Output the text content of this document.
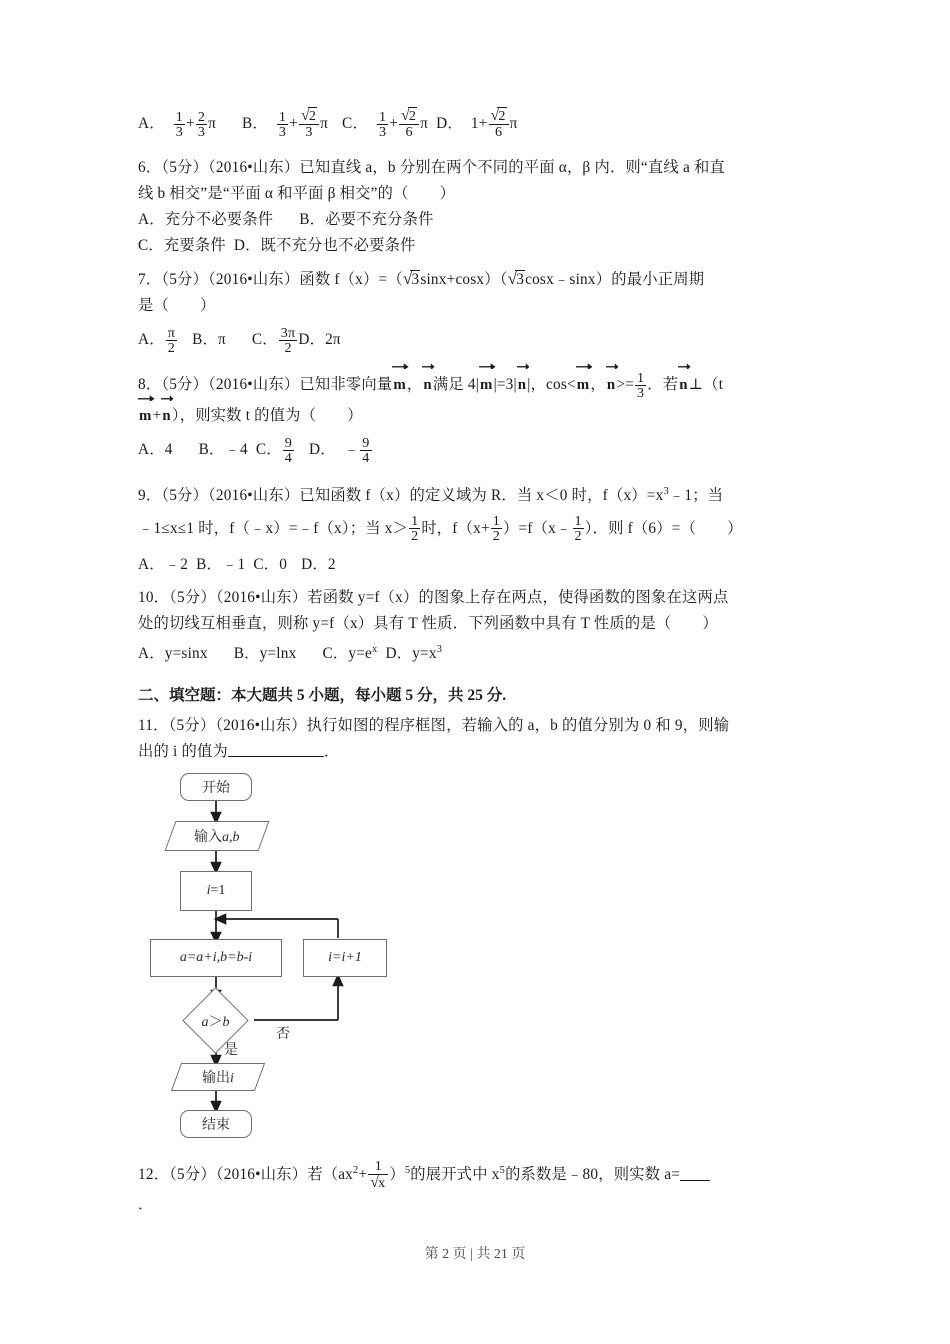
A． $\frac{1}{3} + \frac{2}{3}$ π B． $\frac{1}{3} + \frac{√2}{3}$ π C． $\frac{1}{3} + \frac{√2}{6}$ π D． $1+ \frac{√2}{6}$ π
6．（5分）（2016•山东）已知直线 a，b 分别在两个不同的平面 α，β 内．则“直线 a 和直
线 b 相交”是“平面 α 和平面 β 相交”的（　　）
A．充分不必要条件 B．必要不充分条件
C．充要条件 D．既不充分也不必要条件
7．（5分）（2016•山东）函数 f（x）=（√3sinx+cosx）（√3cosx﹣sinx）的最小正周期
是（　　）
A． $\frac{\pi}{2}$ B．π C． $\frac{3\pi}{2}$ D．2π
8．（5分）（2016•山东）已知非零向量
m，
n满足 4|
m|=3|
n|，cos<
m，
$n>= \frac{1}{3}$ ．若
n⊥（t
m+
n），则实数 t 的值为（　　）
A．4 B．﹣4 C． $\frac{9}{4}$ D． ﹣ $\frac{9}{4}$
9．（5分）（2016•山东）已知函数 f（x）的定义域为 R．当 x＜0 时，$f(x)=x^3﹣1$；当
﹣1≤x≤1 时，f（﹣x）=﹣f（x）；当 $x> \frac{1}{2}$ 时，$f(x+ \frac{1}{2}$ ）=f（x﹣ $\frac{1}{2}$ ）．则 f（6）=（　　）
A．﹣2 B．﹣1 C．0 D．2
10．（5分）（2016•山东）若函数 y=f（x）的图象上存在两点，使得函数的图象在这两点
处的切线互相垂直，则称 y=f（x）具有 T 性质．下列函数中具有 T 性质的是（　　）
A．y=sinx B．y=lnx C．$y=e^x$ D．$y=x^3$
二、填空题：本大题共 5 小题，每小题 5 分，共 25 分.
11．（5分）（2016•山东）执行如图的程序框图，若输入的 a，b 的值分别为 0 和 9，则输
出的 i 的值为	．
开始
输入a,b
i=1
a=a+i,b=b-i	i=i+1
a＞b
是
否
输出i
结束
12．（5分）（2016•山东）若$(ax^2+ \frac{1}{√x} )^5$的展开式中 $x^5$的系数是﹣80，则实数 a=
．
第 2 页 | 共 21 页
